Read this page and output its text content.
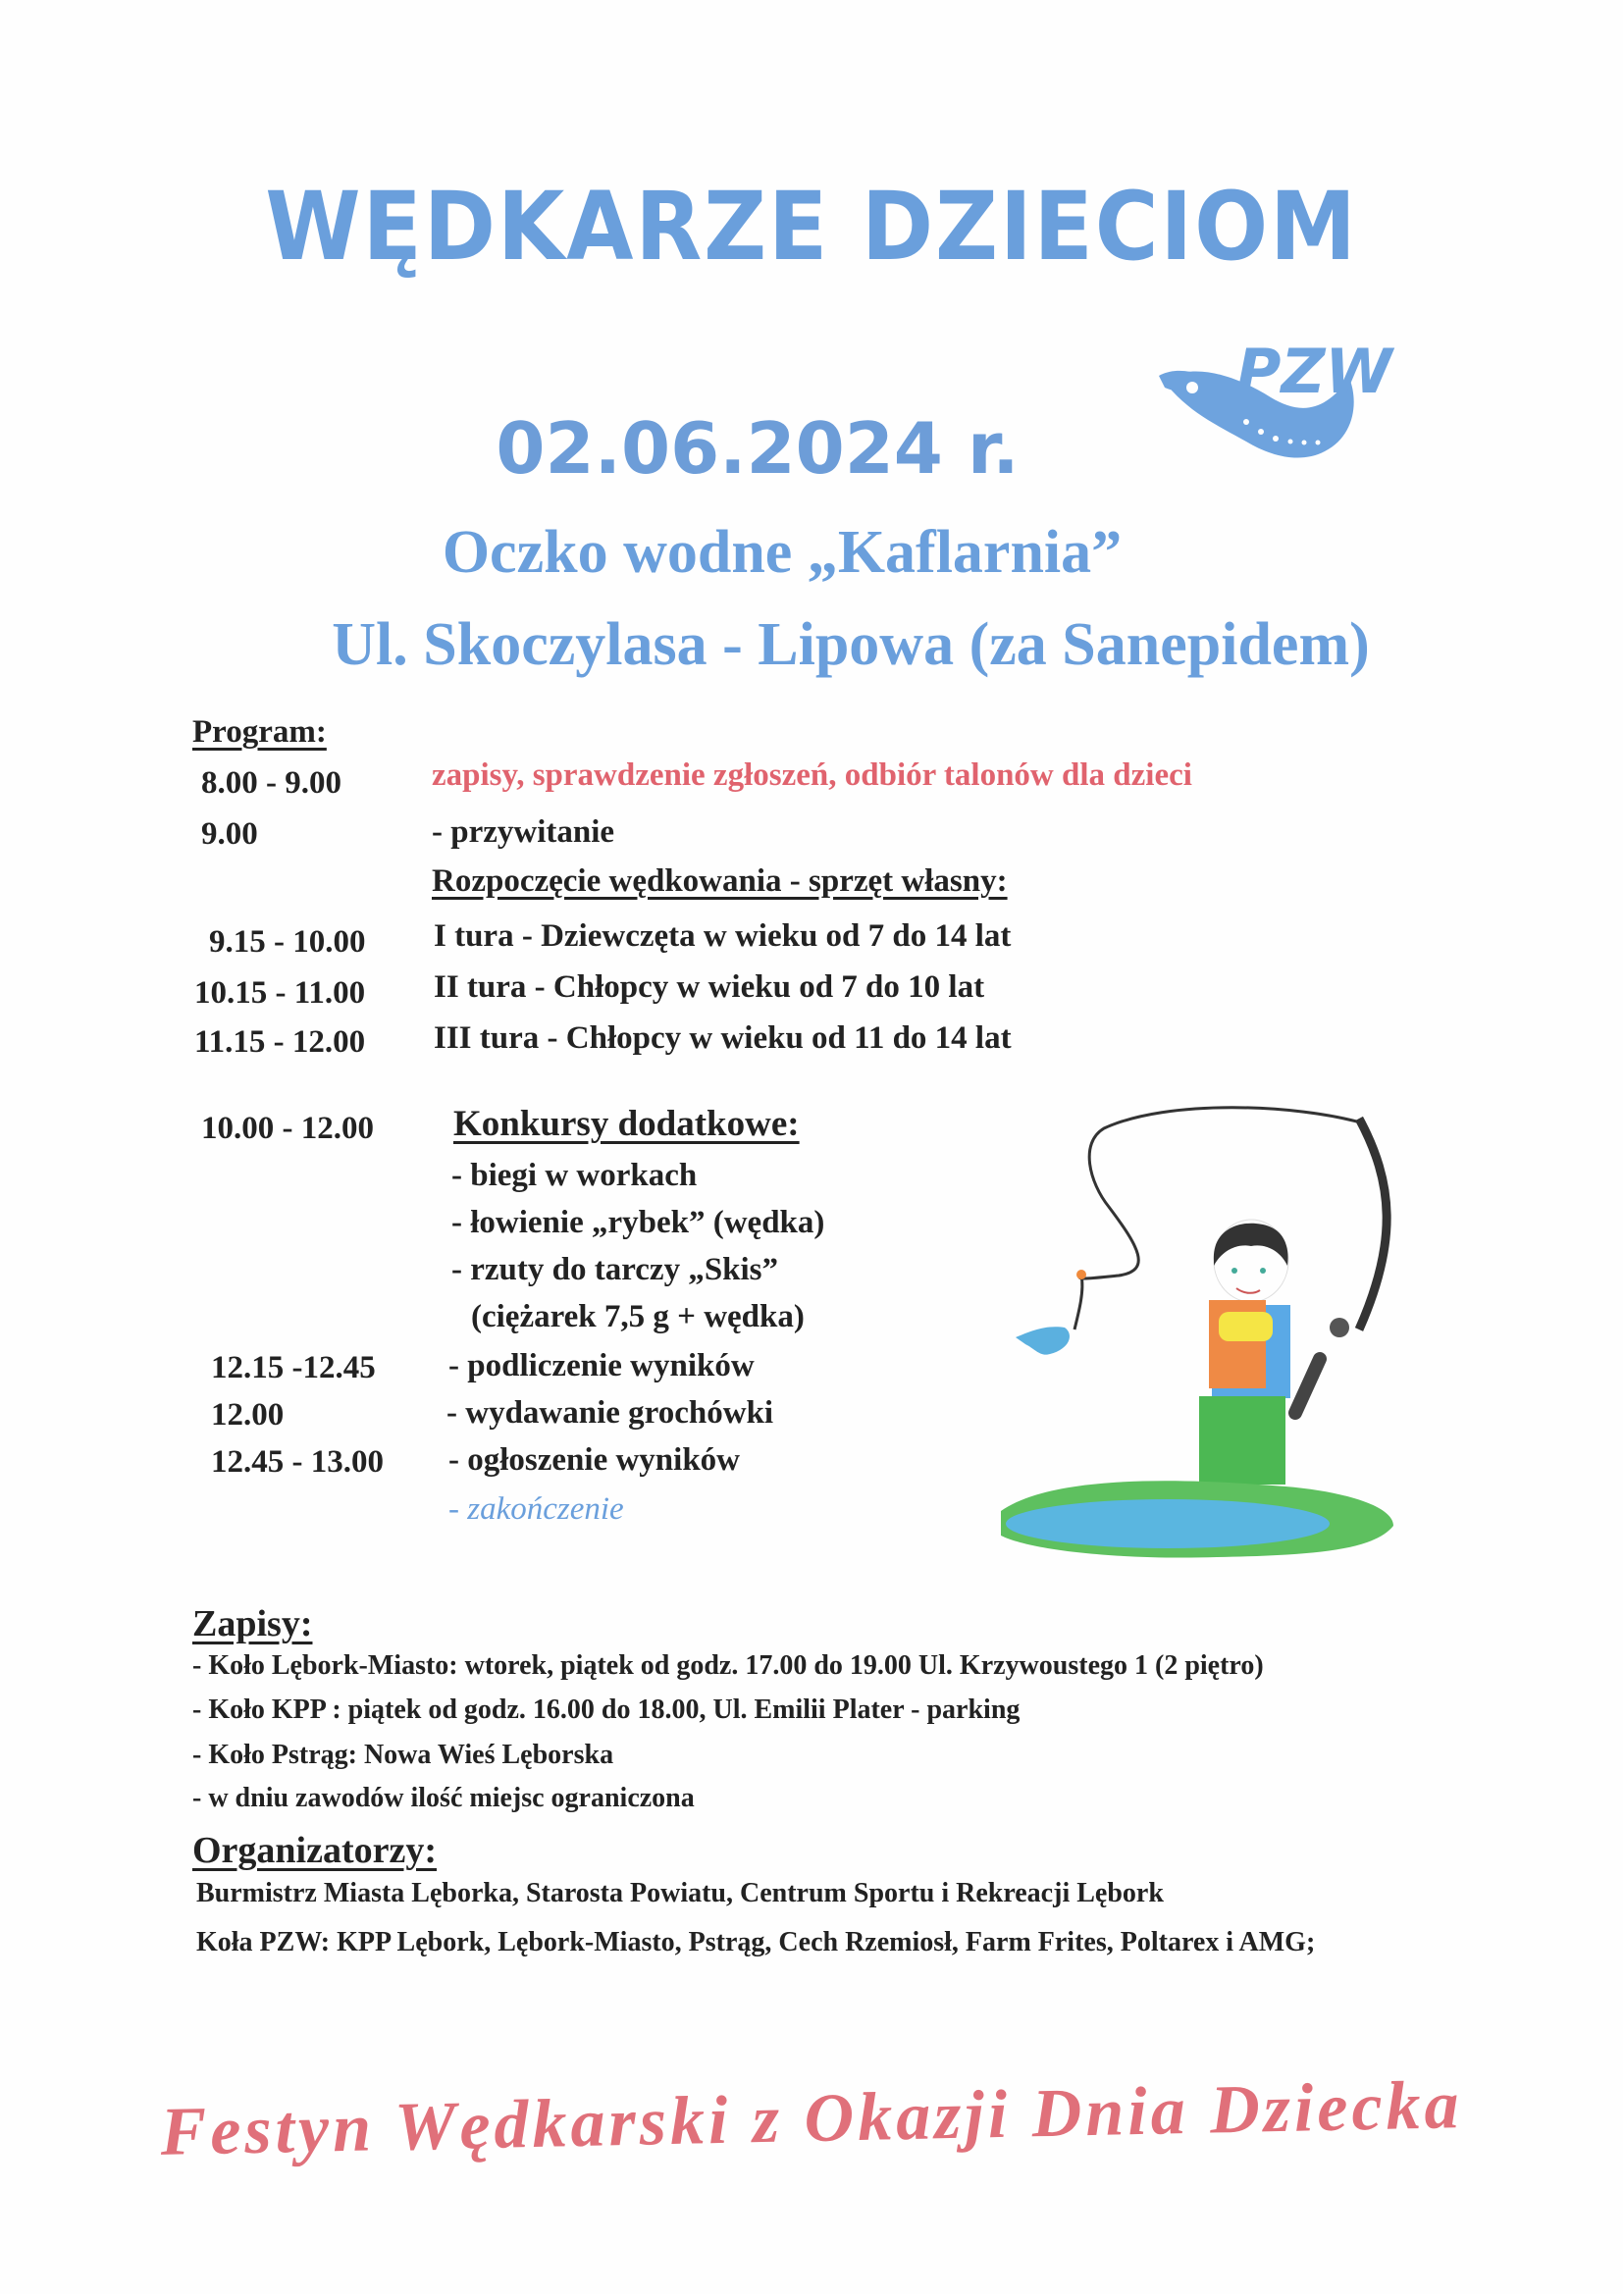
WĘDKARZE DZIECIOM
PZW
02.06.2024 r.
Oczko wodne „Kaflarnia”
Ul. Skoczylasa - Lipowa (za Sanepidem)
Program:
8.00 - 9.00	zapisy, sprawdzenie zgłoszeń, odbiór talonów dla dzieci
9.00	- przywitanie
Rozpoczęcie wędkowania - sprzęt własny:
9.15 - 10.00 I tura - Dziewczęta w wieku od 7 do 14 lat
10.15 - 11.00 II tura - Chłopcy w wieku od 7 do 10 lat
11.15 - 12.00 III tura - Chłopcy w wieku od 11 do 14 lat
10.00 - 12.00 Konkursy dodatkowe:
- biegi w workach
- łowienie „rybek” (wędka)
- rzuty do tarczy „Skis”
(ciężarek 7,5 g + wędka)
12.15 -12.45 - podliczenie wyników
12.00	- wydawanie grochówki
12.45 - 13.00 - ogłoszenie wyników
- zakończenie
Zapisy:
- Koło Lębork-Miasto: wtorek, piątek od godz. 17.00 do 19.00 Ul. Krzywoustego 1 (2 piętro)
- Koło KPP : piątek od godz. 16.00 do 18.00, Ul. Emilii Plater - parking
- Koło Pstrąg: Nowa Wieś Lęborska
- w dniu zawodów ilość miejsc ograniczona
Organizatorzy:
Burmistrz Miasta Lęborka, Starosta Powiatu, Centrum Sportu i Rekreacji Lębork
Koła PZW: KPP Lębork, Lębork-Miasto, Pstrąg, Cech Rzemiosł, Farm Frites, Poltarex i AMG;
Festyn Wędkarski z Okazji Dnia Dziecka
